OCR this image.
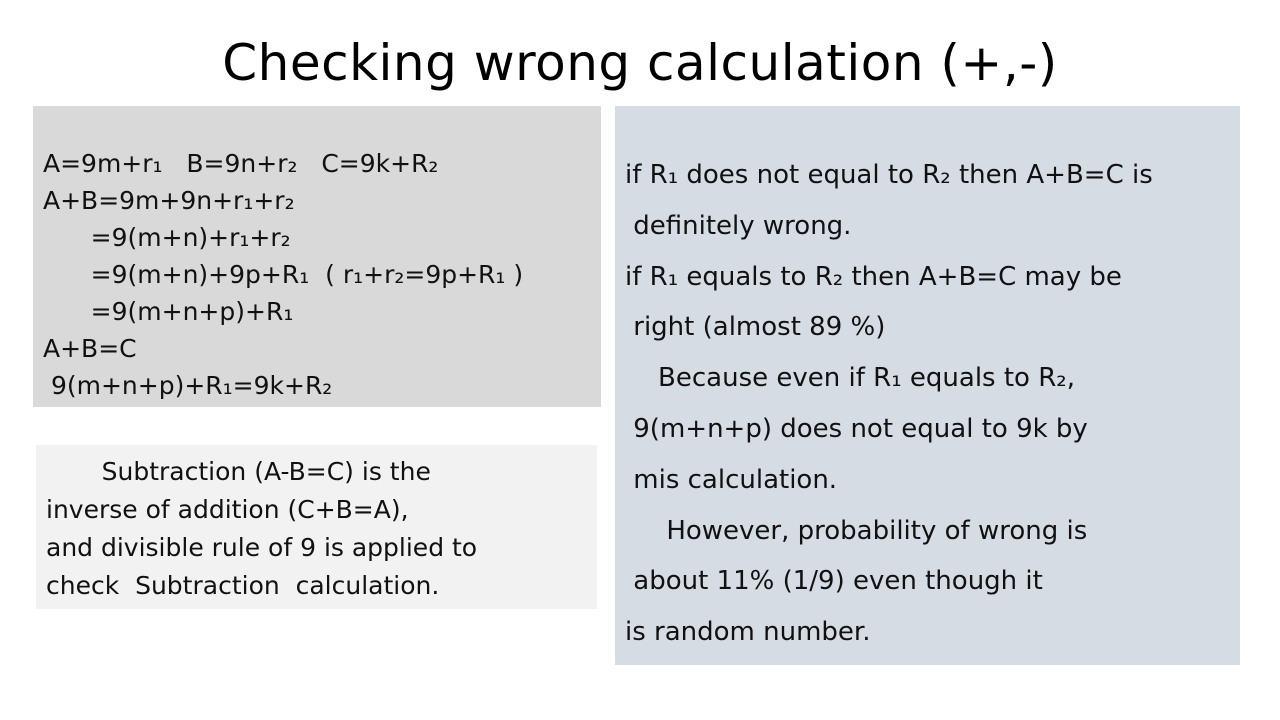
Checking wrong calculation (+,-)
A=9m+r₁   B=9n+r₂   C=9k+R₂
A+B=9m+9n+r₁+r₂
=9(m+n)+r₁+r₂
=9(m+n)+9p+R₁  ( r₁+r₂=9p+R₁ )
=9(m+n+p)+R₁
A+B=C
9(m+n+p)+R₁=9k+R₂
Subtraction (A-B=C) is the
inverse of addition (C+B=A),
and divisible rule of 9 is applied to
check  Subtraction  calculation.
if R₁ does not equal to R₂ then A+B=C is
definitely wrong.
if R₁ equals to R₂ then A+B=C may be
right (almost 89 %)
Because even if R₁ equals to R₂,
9(m+n+p) does not equal to 9k by
mis calculation.
However, probability of wrong is
about 11% (1/9) even though it
is random number.
